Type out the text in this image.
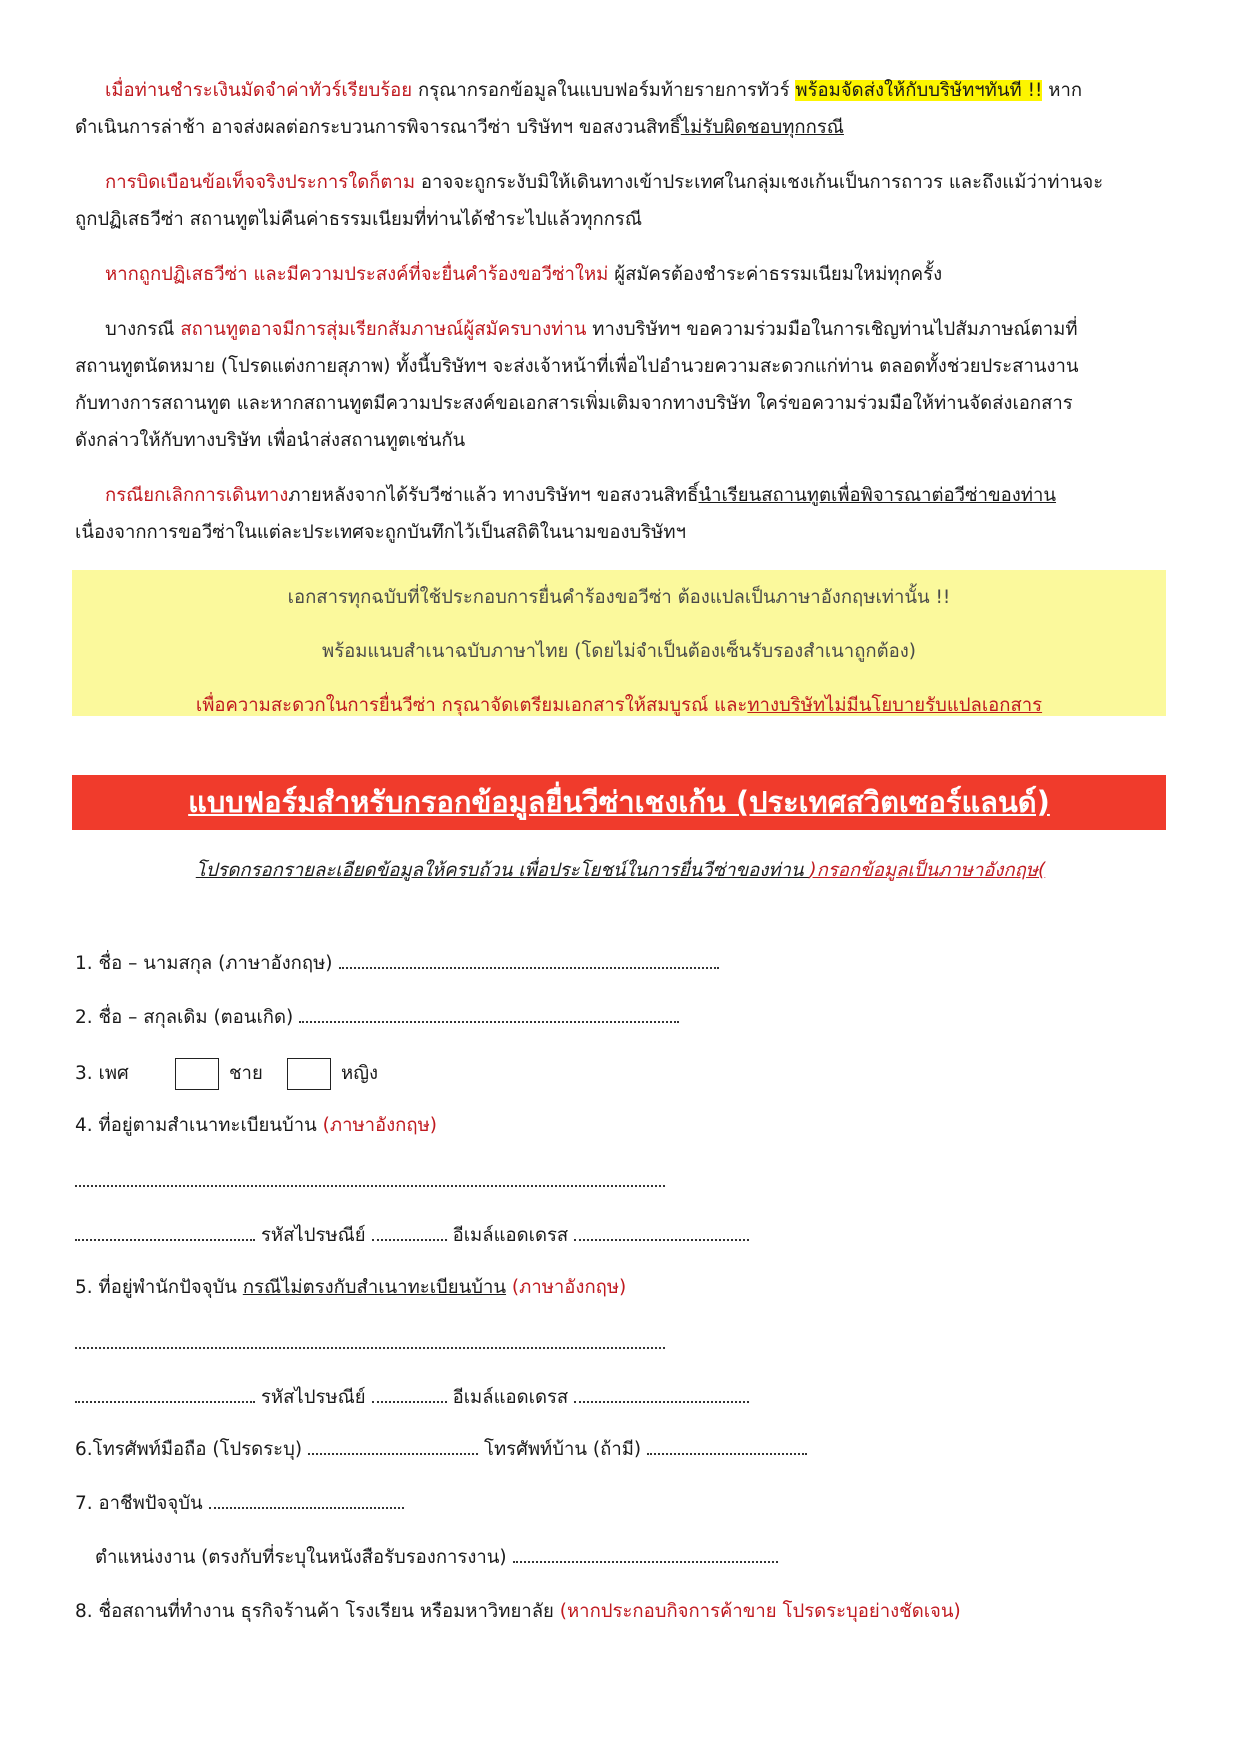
เมื่อท่านชำระเงินมัดจำค่าทัวร์เรียบร้อย กรุณากรอกข้อมูลในแบบฟอร์มท้ายรายการทัวร์ พร้อมจัดส่งให้กับบริษัทฯทันที !! หาก
ดำเนินการล่าช้า อาจส่งผลต่อกระบวนการพิจารณาวีซ่า บริษัทฯ ขอสงวนสิทธิ์ไม่รับผิดชอบทุกกรณี

การบิดเบือนข้อเท็จจริงประการใดก็ตาม อาจจะถูกระงับมิให้เดินทางเข้าประเทศในกลุ่มเชงเก้นเป็นการถาวร และถึงแม้ว่าท่านจะ
ถูกปฏิเสธวีซ่า สถานทูตไม่คืนค่าธรรมเนียมที่ท่านได้ชำระไปแล้วทุกกรณี

หากถูกปฏิเสธวีซ่า และมีความประสงค์ที่จะยื่นคำร้องขอวีซ่าใหม่ ผู้สมัครต้องชำระค่าธรรมเนียมใหม่ทุกครั้ง

บางกรณี สถานทูตอาจมีการสุ่มเรียกสัมภาษณ์ผู้สมัครบางท่าน ทางบริษัทฯ ขอความร่วมมือในการเชิญท่านไปสัมภาษณ์ตามที่
สถานทูตนัดหมาย (โปรดแต่งกายสุภาพ) ทั้งนี้บริษัทฯ จะส่งเจ้าหน้าที่เพื่อไปอำนวยความสะดวกแก่ท่าน ตลอดทั้งช่วยประสานงาน
กับทางการสถานทูต และหากสถานทูตมีความประสงค์ขอเอกสารเพิ่มเติมจากทางบริษัท ใคร่ขอความร่วมมือให้ท่านจัดส่งเอกสาร
ดังกล่าวให้กับทางบริษัท เพื่อนำส่งสถานทูตเช่นกัน

กรณียกเลิกการเดินทางภายหลังจากได้รับวีซ่าแล้ว ทางบริษัทฯ ขอสงวนสิทธิ์นำเรียนสถานทูตเพื่อพิจารณาต่อวีซ่าของท่าน
เนื่องจากการขอวีซ่าในแต่ละประเทศจะถูกบันทึกไว้เป็นสถิติในนามของบริษัทฯ

เอกสารทุกฉบับที่ใช้ประกอบการยื่นคำร้องขอวีซ่า ต้องแปลเป็นภาษาอังกฤษเท่านั้น !!
พร้อมแนบสำเนาฉบับภาษาไทย (โดยไม่จำเป็นต้องเซ็นรับรองสำเนาถูกต้อง)
เพื่อความสะดวกในการยื่นวีซ่า กรุณาจัดเตรียมเอกสารให้สมบูรณ์ และทางบริษัทไม่มีนโยบายรับแปลเอกสาร
แบบฟอร์มสำหรับกรอกข้อมูลยื่นวีซ่าเชงเก้น (ประเทศสวิตเซอร์แลนด์)
โปรดกรอกรายละเอียดข้อมูลให้ครบถ้วน เพื่อประโยชน์ในการยื่นวีซ่าของท่าน )กรอกข้อมูลเป็นภาษาอังกฤษ(
1. ชื่อ – นามสกุล (ภาษาอังกฤษ)
2. ชื่อ – สกุลเดิม (ตอนเกิด)
3. เพศ	ชาย	หญิง
4. ที่อยู่ตามสำเนาทะเบียนบ้าน (ภาษาอังกฤษ)
รหัสไปรษณีย์	อีเมล์แอดเดรส
5. ที่อยู่พำนักปัจจุบัน กรณีไม่ตรงกับสำเนาทะเบียนบ้าน (ภาษาอังกฤษ)
รหัสไปรษณีย์	อีเมล์แอดเดรส
6.โทรศัพท์มือถือ (โปรดระบุ)	โทรศัพท์บ้าน (ถ้ามี)
7. อาชีพปัจจุบัน
ตำแหน่งงาน (ตรงกับที่ระบุในหนังสือรับรองการงาน)
8. ชื่อสถานที่ทำงาน ธุรกิจร้านค้า โรงเรียน หรือมหาวิทยาลัย (หากประกอบกิจการค้าขาย โปรดระบุอย่างชัดเจน)
